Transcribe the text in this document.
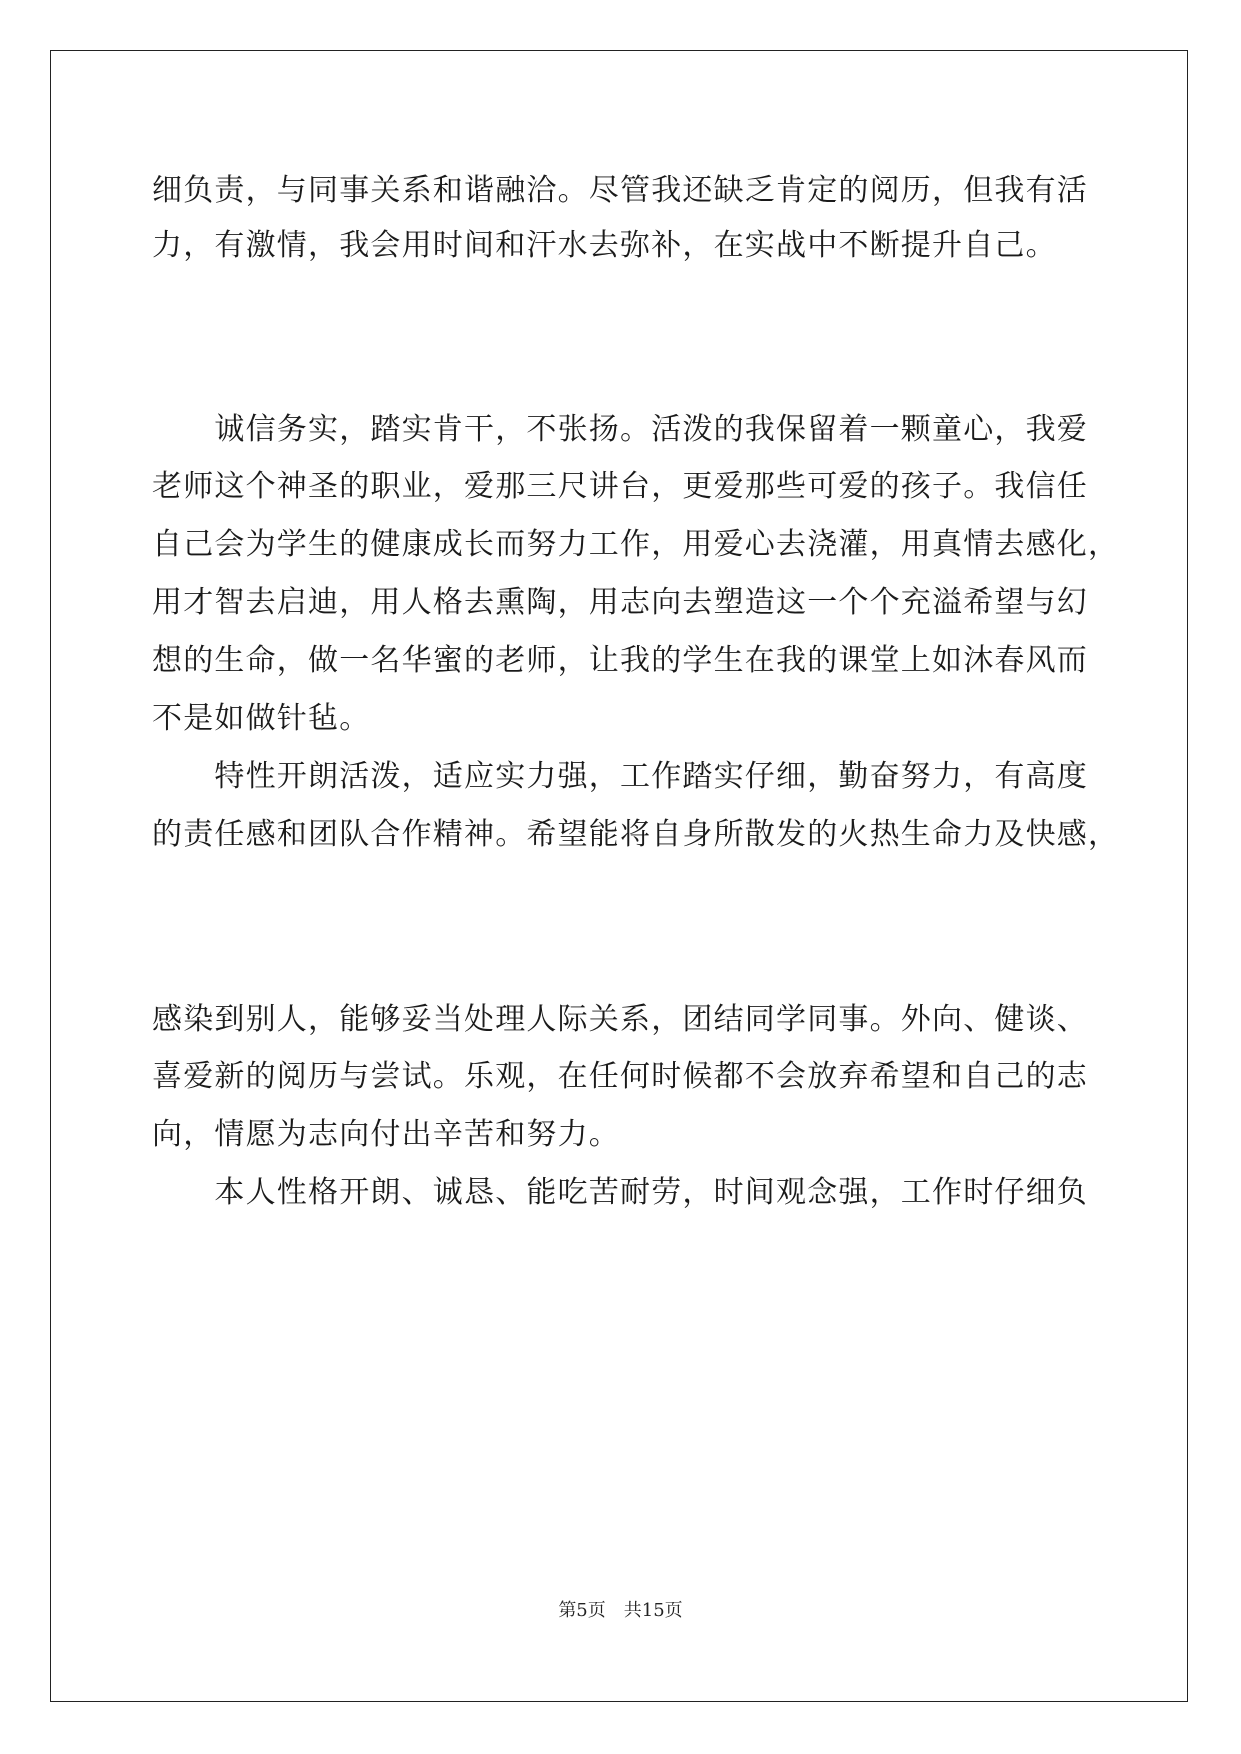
细负责，与同事关系和谐融洽。尽管我还缺乏肯定的阅历，但我有活
力，有激情，我会用时间和汗水去弥补，在实战中不断提升自己。
　　诚信务实，踏实肯干，不张扬。活泼的我保留着一颗童心，我爱
老师这个神圣的职业，爱那三尺讲台，更爱那些可爱的孩子。我信任
自己会为学生的健康成长而努力工作，用爱心去浇灌，用真情去感化，
用才智去启迪，用人格去熏陶，用志向去塑造这一个个充溢希望与幻
想的生命，做一名华蜜的老师，让我的学生在我的课堂上如沐春风而
不是如做针毡。
　　特性开朗活泼，适应实力强，工作踏实仔细，勤奋努力，有高度
的责任感和团队合作精神。希望能将自身所散发的火热生命力及快感，
感染到别人，能够妥当处理人际关系，团结同学同事。外向、健谈、
喜爱新的阅历与尝试。乐观，在任何时候都不会放弃希望和自己的志
向，情愿为志向付出辛苦和努力。
　　本人性格开朗、诚恳、能吃苦耐劳，时间观念强，工作时仔细负
第5页　共15页
